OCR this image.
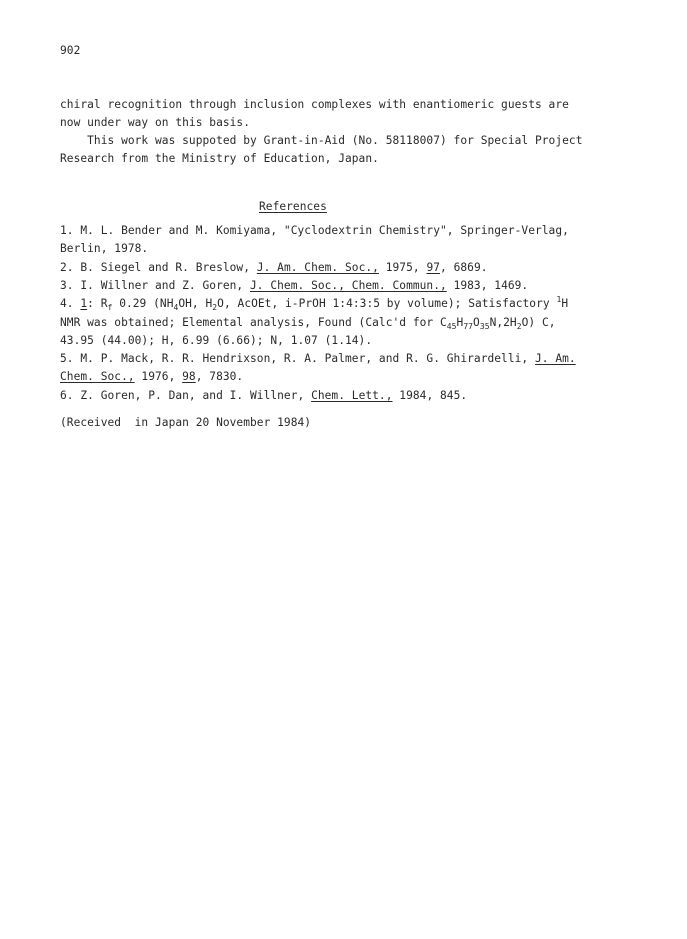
902
chiral recognition through inclusion complexes with enantiomeric guests are
now under way on this basis.
This work was suppoted by Grant-in-Aid (No. 58118007) for Special Project
Research from the Ministry of Education, Japan.
References
1. M. L. Bender and M. Komiyama, "Cyclodextrin Chemistry", Springer-Verlag,
Berlin, 1978.
2. B. Siegel and R. Breslow, J. Am. Chem. Soc., 1975, 97, 6869.
3. I. Willner and Z. Goren, J. Chem. Soc., Chem. Commun., 1983, 1469.
4. 1: $R_f$ 0.29 ($NH_4OH$, $H_2O$, AcOEt, i-PrOH 1:4:3:5 by volume); Satisfactory $^1$H
NMR was obtained; Elemental analysis, Found (Calc'd for $C_{45}H_{77}O_{35}N,2H_2O$) C,
43.95 (44.00); H, 6.99 (6.66); N, 1.07 (1.14).
5. M. P. Mack, R. R. Hendrixson, R. A. Palmer, and R. G. Ghirardelli, J. Am.
Chem. Soc., 1976, 98, 7830.
6. Z. Goren, P. Dan, and I. Willner, Chem. Lett., 1984, 845.
(Received  in Japan 20 November 1984)
